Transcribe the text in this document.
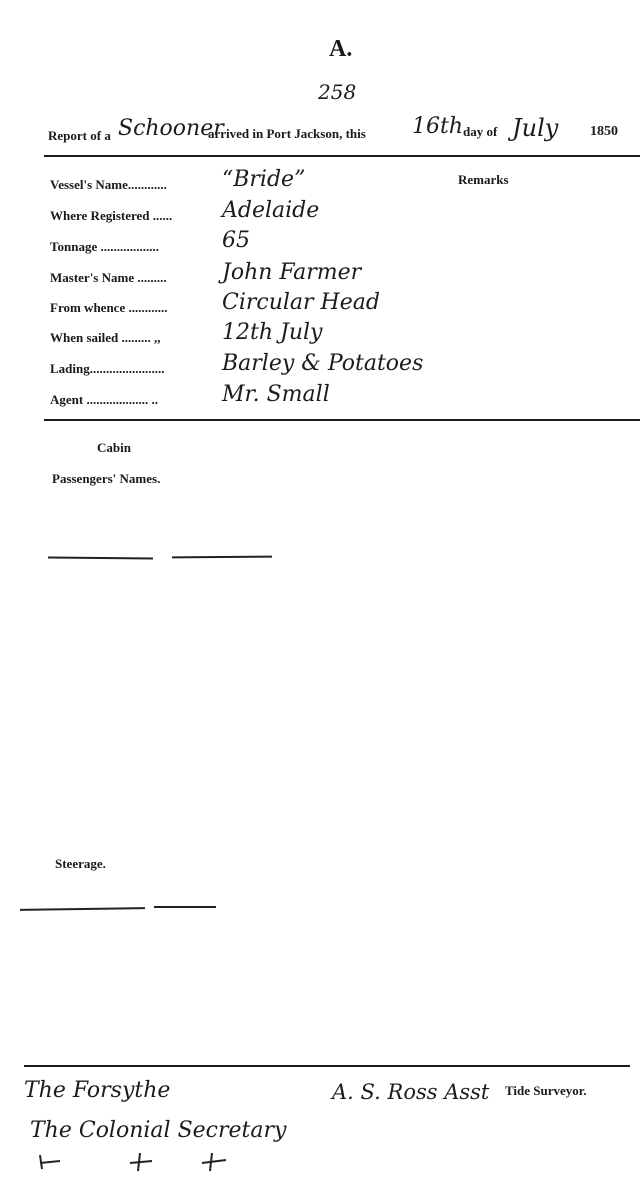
A.
258
Report of a Schooner
arrived in Port Jackson, this 16th day of July 1850
Vessel's Name............
Where Registered ......
Tonnage ..................
Master's Name .........
From whence ............
When sailed ......... ,,
Lading.......................
Agent ................... ..
“Bride”
Adelaide
65
John Farmer
Circular Head
12th July
Barley & Potatoes
Mr. Small
Remarks
Cabin
Passengers' Names.
Steerage.
The Forsythe
The Colonial Secretary
A. S. Ross Asst Tide Surveyor.
